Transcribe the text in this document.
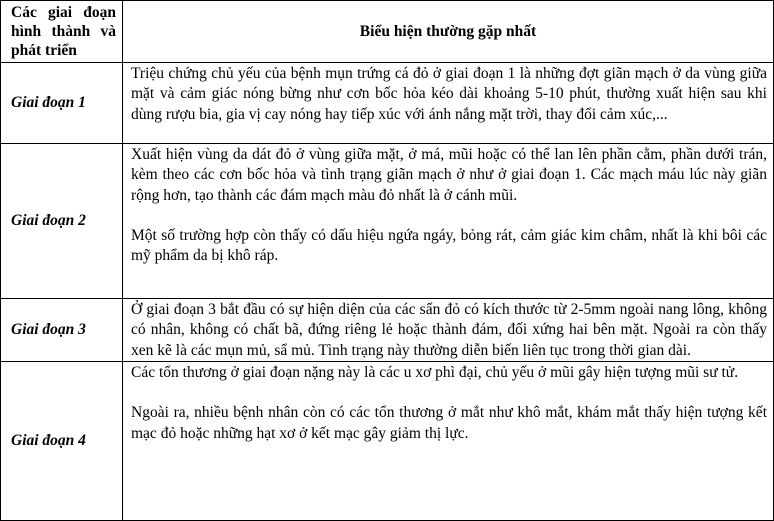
Các giai đoạn hình thành và phát triển
Biểu hiện thường gặp nhất
Giai đoạn 1

Triệu chứng chủ yếu của bệnh mụn trứng cá đỏ ở giai đoạn 1 là những đợt giãn mạch ở da vùng giữa mặt và cảm giác nóng bừng như cơn bốc hỏa kéo dài khoảng 5-10 phút, thường xuất hiện sau khi dùng rượu bia, gia vị cay nóng hay tiếp xúc với ánh nắng mặt trời, thay đổi cảm xúc,...

Giai đoạn 2

Xuất hiện vùng da dát đỏ ở vùng giữa mặt, ở má, mũi hoặc có thể lan lên phần cằm, phần dưới trán, kèm theo các cơn bốc hỏa và tình trạng giãn mạch ở như ở giai đoạn 1. Các mạch máu lúc này giãn rộng hơn, tạo thành các đám mạch màu đỏ nhất là ở cánh mũi.

Một số trường hợp còn thấy có dấu hiệu ngứa ngáy, bỏng rát, cảm giác kim châm, nhất là khi bôi các mỹ phẩm da bị khô ráp.

Giai đoạn 3

Ở giai đoạn 3 bắt đầu có sự hiện diện của các sẩn đỏ có kích thước từ 2-5mm ngoài nang lông, không có nhân, không có chất bã, đứng riêng lẻ hoặc thành đám, đối xứng hai bên mặt. Ngoài ra còn thấy xen kẽ là các mụn mủ, sẩ mủ. Tình trạng này thường diễn biến liên tục trong thời gian dài.

Giai đoạn 4

Các tổn thương ở giai đoạn nặng này là các u xơ phì đại, chủ yếu ở mũi gây hiện tượng mũi sư tử.

Ngoài ra, nhiều bệnh nhân còn có các tổn thương ở mắt như khô mắt, khám mắt thấy hiện tượng kết mạc đỏ hoặc những hạt xơ ở kết mạc gây giảm thị lực.
